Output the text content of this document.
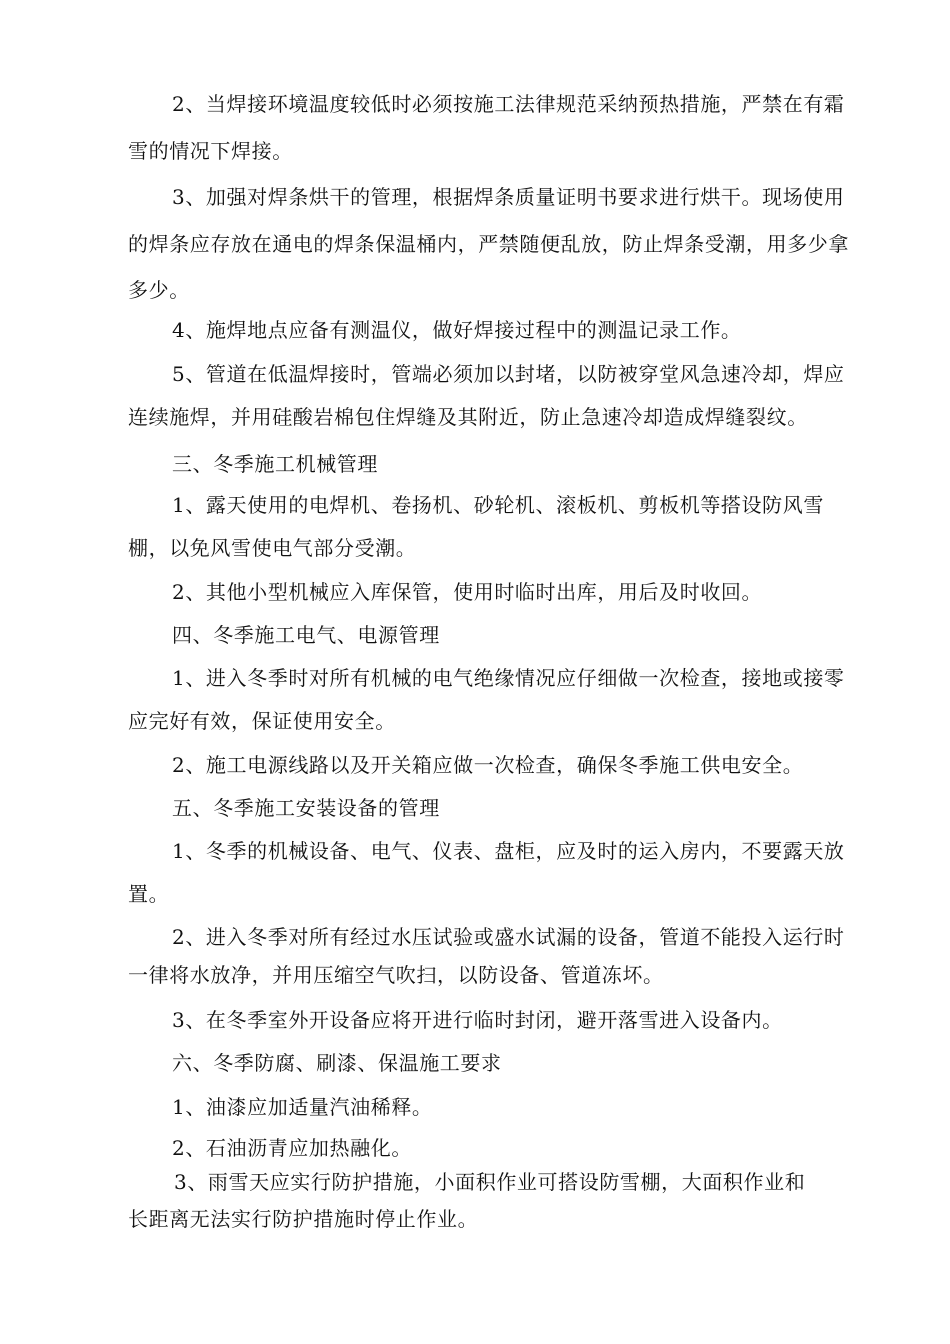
2、当焊接环境温度较低时必须按施工法律规范采纳预热措施，严禁在有霜
雪的情况下焊接。
3、加强对焊条烘干的管理，根据焊条质量证明书要求进行烘干。现场使用
的焊条应存放在通电的焊条保温桶内，严禁随便乱放，防止焊条受潮，用多少拿
多少。
4、施焊地点应备有测温仪，做好焊接过程中的测温记录工作。
5、管道在低温焊接时，管端必须加以封堵，以防被穿堂风急速冷却，焊应
连续施焊，并用硅酸岩棉包住焊缝及其附近，防止急速冷却造成焊缝裂纹。
三、冬季施工机械管理
1、露天使用的电焊机、卷扬机、砂轮机、滚板机、剪板机等搭设防风雪
棚，以免风雪使电气部分受潮。
2、其他小型机械应入库保管，使用时临时出库，用后及时收回。
四、冬季施工电气、电源管理
1、进入冬季时对所有机械的电气绝缘情况应仔细做一次检查，接地或接零
应完好有效，保证使用安全。
2、施工电源线路以及开关箱应做一次检查，确保冬季施工供电安全。
五、冬季施工安装设备的管理
1、冬季的机械设备、电气、仪表、盘柜，应及时的运入房内，不要露天放
置。
2、进入冬季对所有经过水压试验或盛水试漏的设备，管道不能投入运行时
一律将水放净，并用压缩空气吹扫，以防设备、管道冻坏。
3、在冬季室外开设备应将开进行临时封闭，避开落雪进入设备内。
六、冬季防腐、刷漆、保温施工要求
1、油漆应加适量汽油稀释。
2、石油沥青应加热融化。
3、雨雪天应实行防护措施，小面积作业可搭设防雪棚，大面积作业和
长距离无法实行防护措施时停止作业。
